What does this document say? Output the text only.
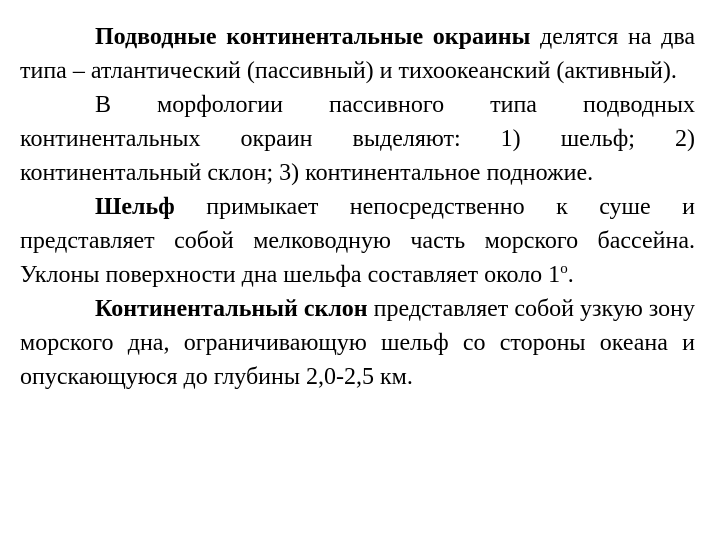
Подводные континентальные окраины делятся на два типа – атлантический (пассивный) и тихоокеанский (активный).

В морфологии пассивного типа подводных континентальных окраин выделяют: 1) шельф; 2) континентальный склон; 3) континентальное подножие.

Шельф примыкает непосредственно к суше и представляет собой мелководную часть морского бассейна. Уклоны поверхности дна шельфа составляет около $1^о$.

Континентальный склон представляет собой узкую зону морского дна, ограничивающую шельф со стороны океана и опускающуюся до глубины 2,0-2,5 км.
